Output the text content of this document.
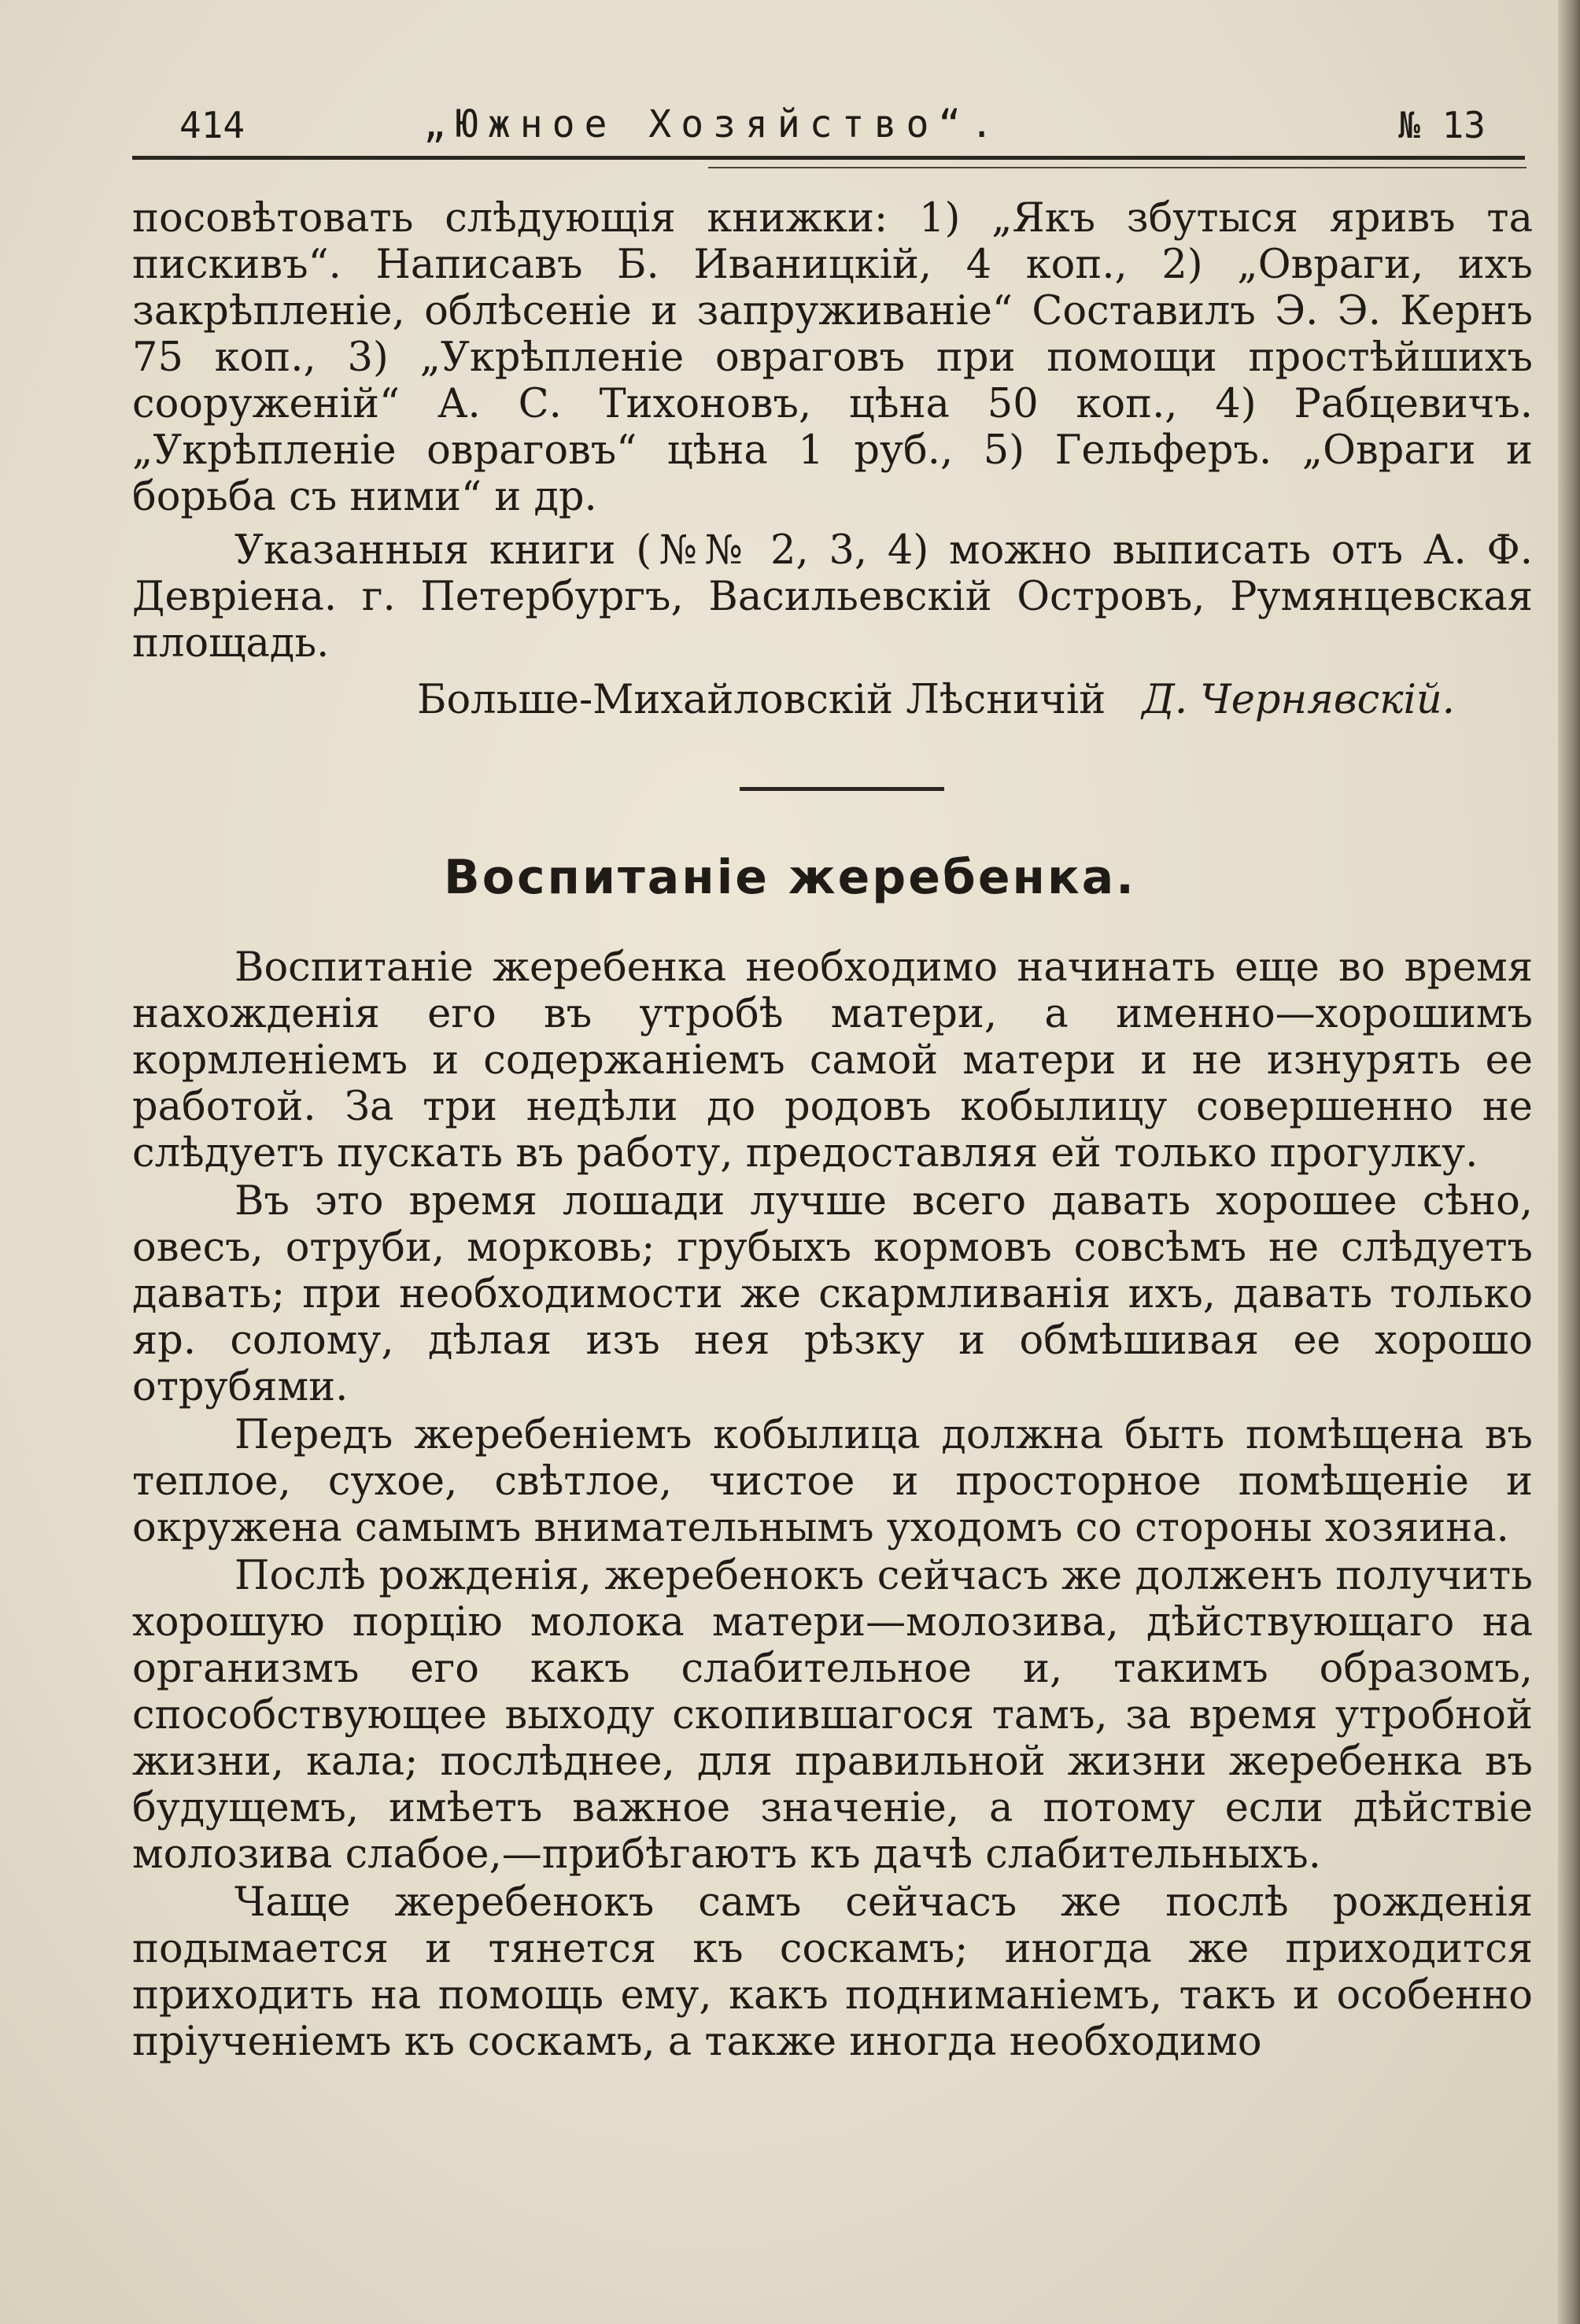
414	„Южное Хозяйство“.	№ 13

посовѣтовать слѣдующія книжки: 1) „Якъ збутыся яривъ та пискивъ“. Написавъ Б. Иваницкій, 4 коп., 2) „Овраги, ихъ закрѣпленіе, облѣсеніе и запруживаніе“ Составилъ Э. Э. Кернъ 75 коп., 3) „Укрѣпленіе овраговъ при помощи простѣйшихъ сооруженій“ А. С. Тихоновъ, цѣна 50 коп., 4) Рабцевичъ. „Укрѣпленіе овраговъ“ цѣна 1 руб., 5) Гельферъ. „Овраги и борьба съ ними“ и др.

Указанныя книги (№№ 2, 3, 4) можно выписать отъ А. Ф. Девріена. г. Петербургъ, Васильевскій Островъ, Румянцевская площадь.

Больше-Михайловскій Лѣсничій Д. Чернявскій.
Воспитаніе жеребенка.

Воспитаніе жеребенка необходимо начинать еще во время нахожденія его въ утробѣ матери, а именно—хорошимъ кормленіемъ и содержаніемъ самой матери и не изнурять ее работой. За три недѣли до родовъ кобылицу совершенно не слѣдуетъ пускать въ работу, предоставляя ей только прогулку.

Въ это время лошади лучше всего давать хорошее сѣно, овесъ, отруби, морковь; грубыхъ кормовъ совсѣмъ не слѣдуетъ давать; при необходимости же скармливанія ихъ, давать только яр. солому, дѣлая изъ нея рѣзку и обмѣшивая ее хорошо отрубями.

Передъ жеребеніемъ кобылица должна быть помѣщена въ теплое, сухое, свѣтлое, чистое и просторное помѣщеніе и окружена самымъ внимательнымъ уходомъ со стороны хозяина.

Послѣ рожденія, жеребенокъ сейчасъ же долженъ получить хорошую порцію молока матери—молозива, дѣйствующаго на организмъ его какъ слабительное и, такимъ образомъ, способствующее выходу скопившагося тамъ, за время утробной жизни, кала; послѣднее, для правильной жизни жеребенка въ будущемъ, имѣетъ важное значеніе, а потому если дѣйствіе молозива слабое,—прибѣгаютъ къ дачѣ слабительныхъ.

Чаще жеребенокъ самъ сейчасъ же послѣ рожденія подымается и тянется къ соскамъ; иногда же приходится приходить на помощь ему, какъ подниманіемъ, такъ и особенно пріученіемъ къ соскамъ, а также иногда необходимо
